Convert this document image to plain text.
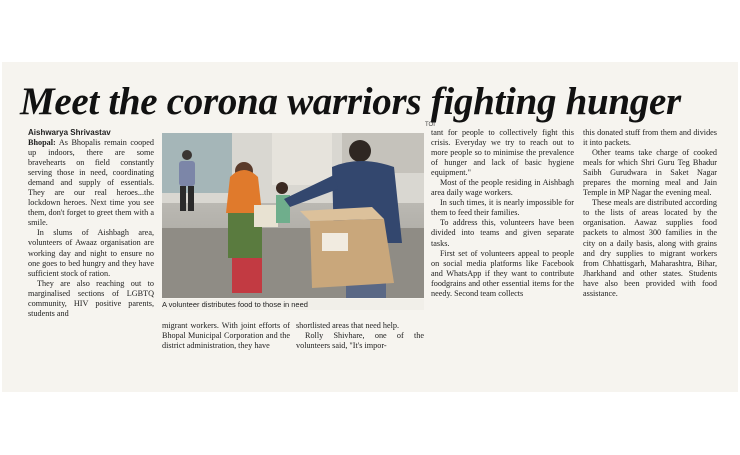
Meet the corona warriors fighting hunger
Aishwarya Shrivastav
TOI

Bhopal: As Bhopalis remain cooped up indoors, there are some bravehearts on field constantly serving those in need, coordinating demand and supply of essentials. They are our real heroes...the lockdown heroes. Next time you see them, don't forget to greet them with a smile.

In slums of Aishbagh area, volunteers of Awaaz organisation are working day and night to ensure no one goes to bed hungry and they have sufficient stock of ration.

They are also reaching out to marginalised sections of LGBTQ community, HIV positive parents, students and

A volunteer distributes food to those in need

migrant workers. With joint efforts of Bhopal Municipal Corporation and the district administration, they have

shortlisted areas that need help.

Rolly Shivhare, one of the volunteers said, "It's impor-

tant for people to collectively fight this crisis. Everyday we try to reach out to more people so to minimise the prevalence of hunger and lack of basic hygiene equipment."

Most of the people residing in Aishbagh area daily wage workers.

In such times, it is nearly impossible for them to feed their families.

To address this, volunteers have been divided into teams and given separate tasks.

First set of volunteers appeal to people on social media platforms like Facebook and WhatsApp if they want to contribute foodgrains and other essential items for the needy. Second team collects

this donated stuff from them and divides it into packets.

Other teams take charge of cooked meals for which Shri Guru Teg Bhadur Saibh Gurudwara in Saket Nagar prepares the morning meal and Jain Temple in MP Nagar the evening meal.

These meals are distributed according to the lists of areas located by the organisation. Aawaz supplies food packets to almost 300 families in the city on a daily basis, along with grains and dry supplies to migrant workers from Chhattisgarh, Maharashtra, Bihar, Jharkhand and other states. Students have also been provided with food assistance.
